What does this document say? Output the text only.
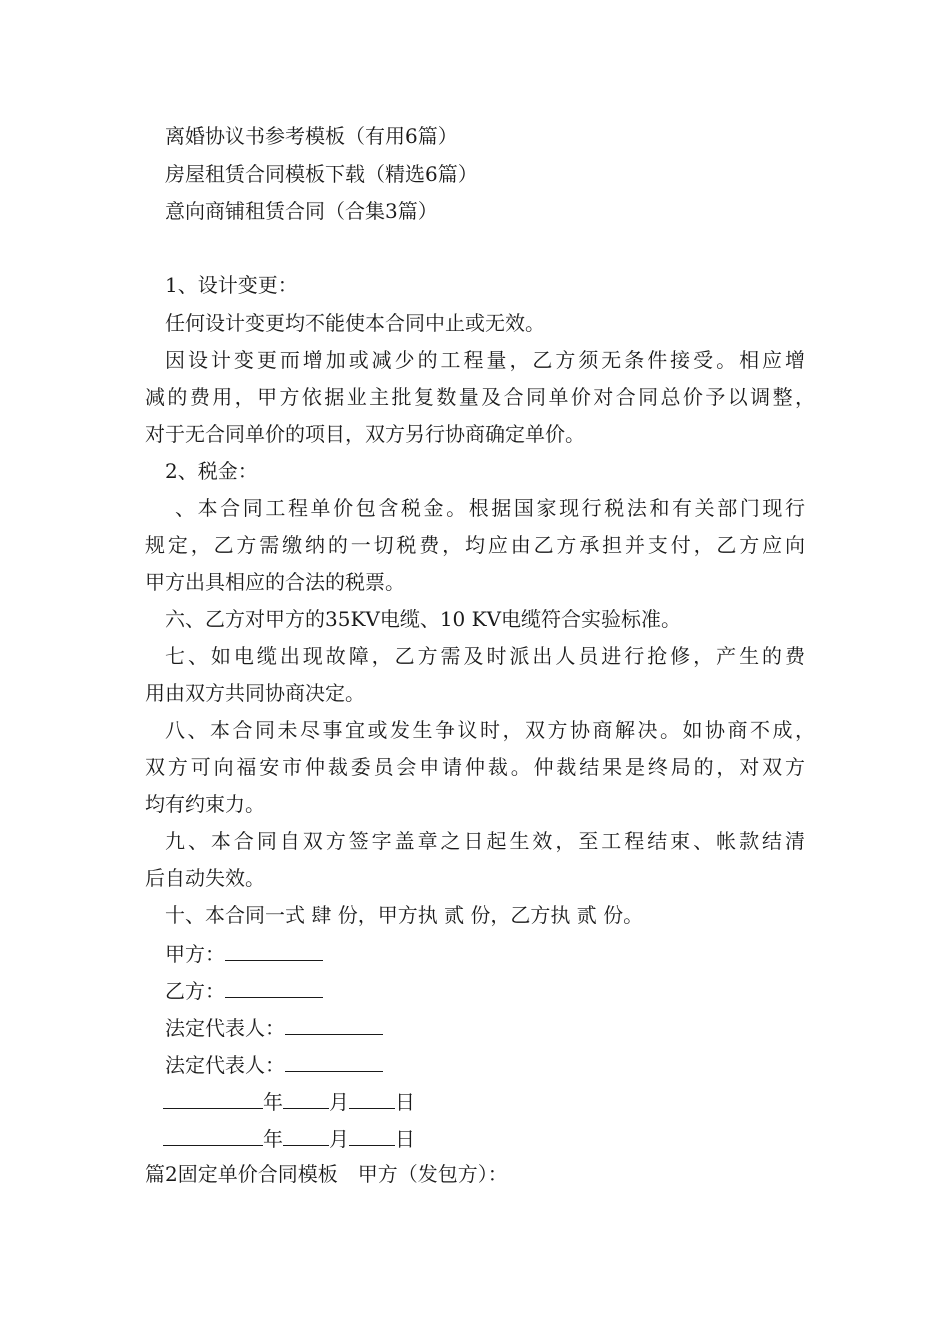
离婚协议书参考模板（有用6篇）
房屋租赁合同模板下载（精选6篇）
意向商铺租赁合同（合集3篇）
1、设计变更：
任何设计变更均不能使本合同中止或无效。
因设计变更而增加或减少的工程量，乙方须无条件接受。相应增
减的费用，甲方依据业主批复数量及合同单价对合同总价予以调整，
对于无合同单价的项目，双方另行协商确定单价。
2、税金：
、本合同工程单价包含税金。根据国家现行税法和有关部门现行
规定，乙方需缴纳的一切税费，均应由乙方承担并支付，乙方应向
甲方出具相应的合法的税票。
六、乙方对甲方的35KV电缆、10 KV电缆符合实验标准。
七、如电缆出现故障，乙方需及时派出人员进行抢修，产生的费
用由双方共同协商决定。
八、本合同未尽事宜或发生争议时，双方协商解决。如协商不成，
双方可向福安市仲裁委员会申请仲裁。仲裁结果是终局的，对双方
均有约束力。
九、本合同自双方签字盖章之日起生效，至工程结束、帐款结清
后自动失效。
十、本合同一式 肆 份，甲方执 贰 份，乙方执 贰 份。
甲方：
乙方：
法定代表人：
法定代表人：
年 月 日
年 月 日
篇2固定单价合同模板　甲方（发包方）：
